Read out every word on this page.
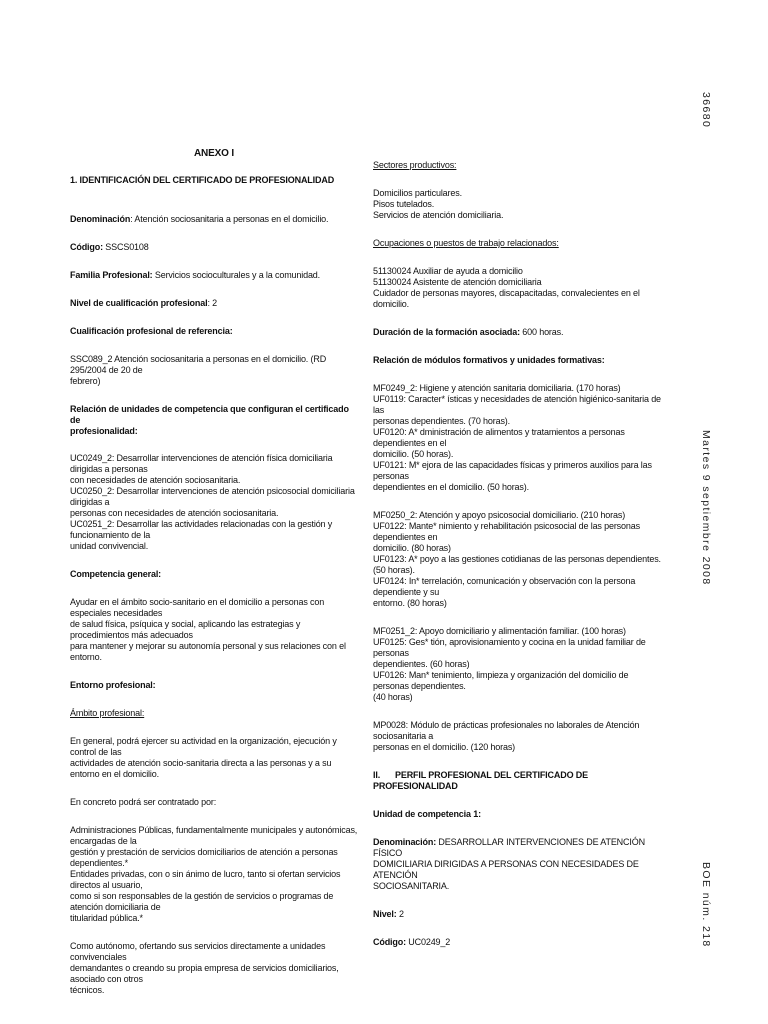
ANEXO I

1. IDENTIFICACIÓN DEL CERTIFICADO DE PROFESIONALIDAD

Denominación: Atención sociosanitaria a personas en el domicilio.

Código: SSCS0108

Familia Profesional: Servicios socioculturales y a la comunidad.

Nivel de cualificación profesional: 2

Cualificación profesional de referencia:

SSC089_2 Atención sociosanitaria a personas en el domicilio. (RD 295/2004 de 20 de

febrero)

Relación de unidades de competencia que configuran el certificado de

profesionalidad:

UC0249_2: Desarrollar intervenciones de atención física domiciliaria dirigidas a personas

con necesidades de atención sociosanitaria.

UC0250_2: Desarrollar intervenciones de atención psicosocial domiciliaria dirigidas a

personas con necesidades de atención sociosanitaria.

UC0251_2: Desarrollar las actividades relacionadas con la gestión y funcionamiento de la

unidad convivencial.

Competencia general:

Ayudar en el ámbito socio-sanitario en el domicilio a personas con especiales necesidades

de salud física, psíquica y social, aplicando las estrategias y procedimientos más adecuados

para mantener y mejorar su autonomía personal y sus relaciones con el entorno.

Entorno profesional:

Ámbito profesional:

En general, podrá ejercer su actividad en la organización, ejecución y control de las

actividades de atención socio-sanitaria directa a las personas y a su entorno en el domicilio.

En concreto podrá ser contratado por:

Administraciones Públicas, fundamentalmente municipales y autonómicas, encargadas de la

gestión y prestación de servicios domiciliarios de atención a personas dependientes.*

Entidades privadas, con o sin ánimo de lucro, tanto si ofertan servicios directos al usuario,

como si son responsables de la gestión de servicios o programas de atención domiciliaria de

titularidad pública.*

Como autónomo, ofertando sus servicios directamente a unidades convivenciales

demandantes o creando su propia empresa de servicios domiciliarios, asociado con otros

técnicos.

Sectores productivos:

Domicilios particulares.

Pisos tutelados.

Servicios de atención domiciliaria.

Ocupaciones o puestos de trabajo relacionados:

51130024 Auxiliar de ayuda a domicilio

51130024 Asistente de atención domiciliaria

Cuidador de personas mayores, discapacitadas, convalecientes en el domicilio.

Duración de la formación asociada: 600 horas.

Relación de módulos formativos y unidades formativas:

MF0249_2: Higiene y atención sanitaria domiciliaria. (170 horas)

UF0119: Caracter* ísticas y necesidades de atención higiénico-sanitaria de las

personas dependientes. (70 horas).

UF0120: A* dministración de alimentos y tratamientos a personas dependientes en el

domicilio. (50 horas).

UF0121: M* ejora de las capacidades físicas y primeros auxilios para las personas

dependientes en el domicilio. (50 horas).

MF0250_2: Atención y apoyo psicosocial domiciliario. (210 horas)

UF0122: Mante* nimiento y rehabilitación psicosocial de las personas dependientes en

domicilio. (80 horas)

UF0123: A* poyo a las gestiones cotidianas de las personas dependientes. (50 horas).

UF0124: In* terrelación, comunicación y observación con la persona dependiente y su

entorno. (80 horas)

MF0251_2: Apoyo domiciliario y alimentación familiar. (100 horas)

UF0125: Ges* tión, aprovisionamiento y cocina en la unidad familiar de personas

dependientes. (60 horas)

UF0126: Man* tenimiento, limpieza y organización del domicilio de personas dependientes.

(40 horas)

MP0028: Módulo de prácticas profesionales no laborales de Atención sociosanitaria a

personas en el domicilio. (120 horas)

II. PERFIL PROFESIONAL DEL CERTIFICADO DE PROFESIONALIDAD

Unidad de competencia 1:

Denominación: DESARROLLAR INTERVENCIONES DE ATENCIÓN FÍSICO

DOMICILIARIA DIRIGIDAS A PERSONAS CON NECESIDADES DE ATENCIÓN

SOCIOSANITARIA.

Nivel: 2

Código: UC0249_2

36680
Martes 9 septiembre 2008
BOE núm. 218
